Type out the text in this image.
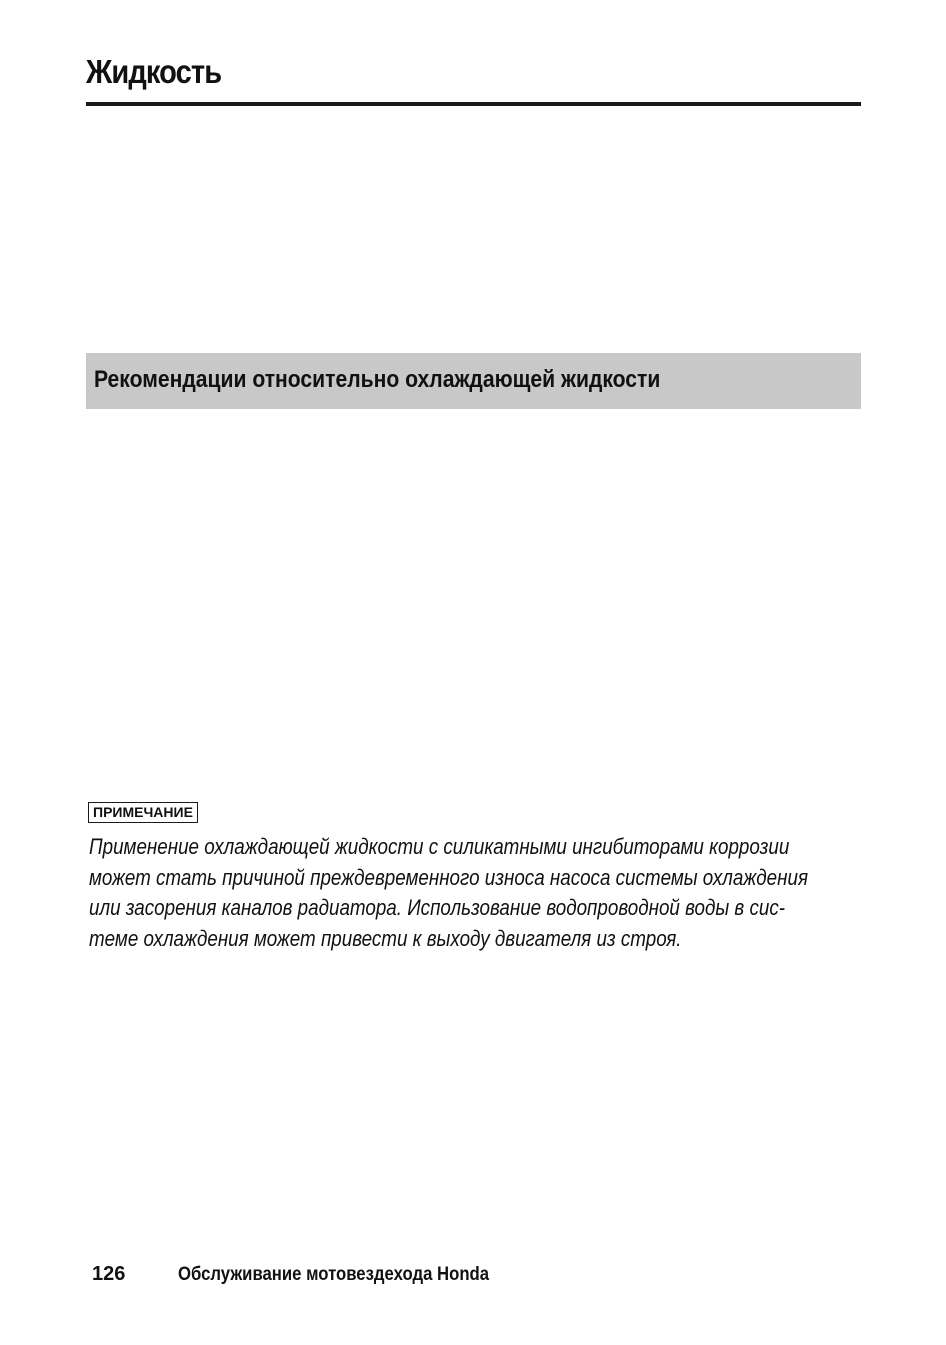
Жидкость
Рекомендации относительно охлаждающей жидкости
ПРИМЕЧАНИЕ
Применение охлаждающей жидкости с силикатными ингибиторами коррозии
может стать причиной преждевременного износа насоса системы охлаждения
или засорения каналов радиатора. Использование водопроводной воды в сис-
теме охлаждения может привести к выходу двигателя из строя.
126	Обслуживание мотовездехода Honda
